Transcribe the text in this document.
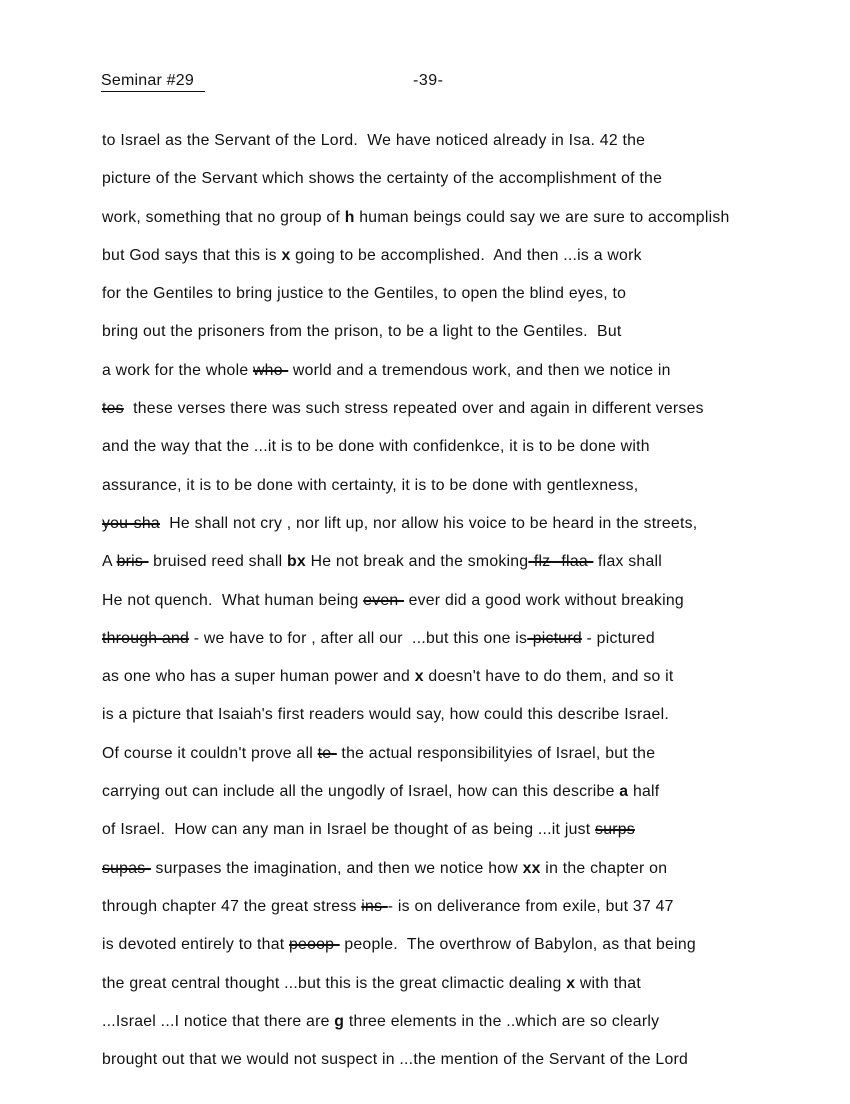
Seminar #29	-39-
to Israel as the Servant of the Lord.  We have noticed already in Isa. 42 the
picture of the Servant which shows the certainty of the accomplishment of the
work, something that no group of h human beings could say we are sure to accomplish
but God says that this is x going to be accomplished.  And then ...is a work
for the Gentiles to bring justice to the Gentiles, to open the blind eyes, to
bring out the prisoners from the prison, to be a light to the Gentiles.  But
a work for the whole who- world and a tremendous work, and then we notice in
tes  these verses there was such stress repeated over and again in different verses
and the way that the ...it is to be done with confidenkce, it is to be done with
assurance, it is to be done with certainty, it is to be done with gentlexness,
you-sha  He shall not cry , nor lift up, nor allow his voice to be heard in the streets,
A bris- bruised reed shall bx He not break and the smoking-flz--flaa- flax shall
He not quench.  What human being even- ever did a good work without breaking
through and - we have to for , after all our  ...but this one is-picturd - pictured
as one who has a super human power and x doesn't have to do them, and so it
is a picture that Isaiah's first readers would say, how could this describe Israel.
Of course it couldn't prove all te- the actual responsibilityies of Israel, but the
carrying out can include all the ungodly of Israel, how can this describe a half
of Israel.  How can any man in Israel be thought of as being ...it just surps
supas- surpases the imagination, and then we notice how xx in the chapter on
through chapter 47 the great stress ins-- is on deliverance from exile, but 37 47
is devoted entirely to that peoop- people.  The overthrow of Babylon, as that being
the great central thought ...but this is the great climactic dealing x with that
...Israel ...I notice that there are g three elements in the ..which are so clearly
brought out that we would not suspect in ...the mention of the Servant of the Lord
